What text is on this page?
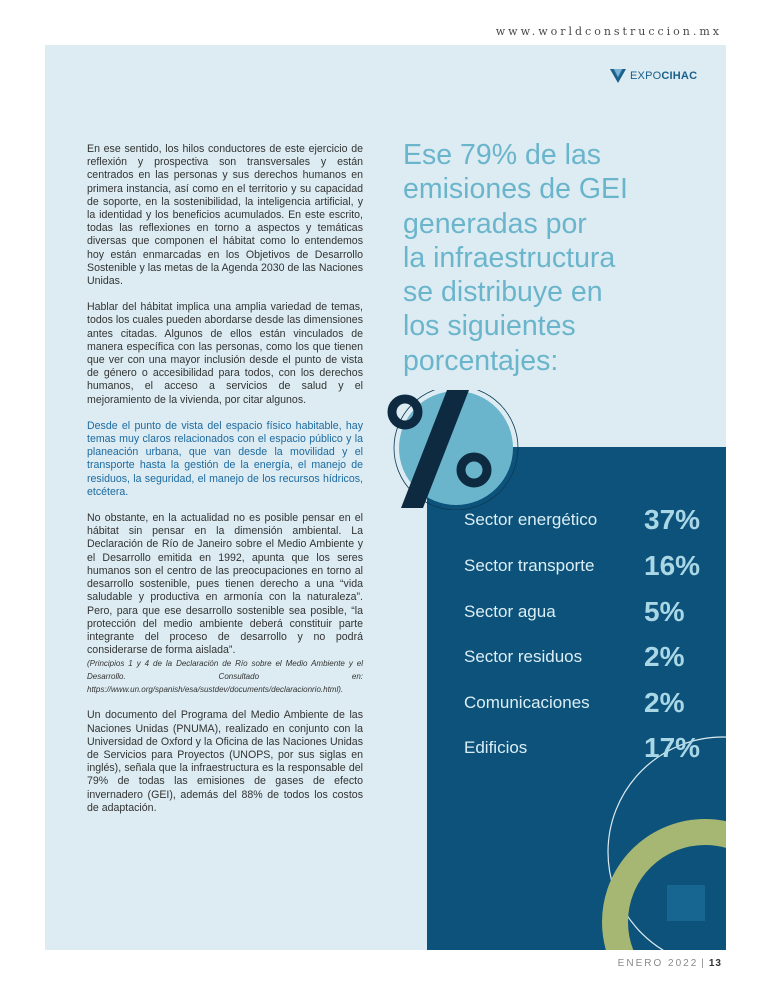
www.worldconstruccion.mx
EXPOCIHAC

En ese sentido, los hilos conductores de este ejercicio de reflexión y prospectiva son transversales y están centrados en las personas y sus derechos humanos en primera instancia, así como en el territorio y su capacidad de soporte, en la sostenibilidad, la inteligencia artificial, y la identidad y los beneficios acumulados. En este escrito, todas las reflexiones en torno a aspectos y temáticas diversas que componen el hábitat como lo entendemos hoy están enmarcadas en los Objetivos de Desarrollo Sostenible y las metas de la Agenda 2030 de las Naciones Unidas.

Hablar del hábitat implica una amplia variedad de temas, todos los cuales pueden abordarse desde las dimensiones antes citadas. Algunos de ellos están vinculados de manera específica con las personas, como los que tienen que ver con una mayor inclusión desde el punto de vista de género o accesibilidad para todos, con los derechos humanos, el acceso a servicios de salud y el mejoramiento de la vivienda, por citar algunos.

Desde el punto de vista del espacio físico habitable, hay temas muy claros relacionados con el espacio público y la planeación urbana, que van desde la movilidad y el transporte hasta la gestión de la energía, el manejo de residuos, la seguridad, el manejo de los recursos hídricos, etcétera.

No obstante, en la actualidad no es posible pensar en el hábitat sin pensar en la dimensión ambiental. La Declaración de Río de Janeiro sobre el Medio Ambiente y el Desarrollo emitida en 1992, apunta que los seres humanos son el centro de las preocupaciones en torno al desarrollo sostenible, pues tienen derecho a una “vida saludable y productiva en armonía con la naturaleza”. Pero, para que ese desarrollo sostenible sea posible, “la protección del medio ambiente deberá constituir parte integrante del proceso de desarrollo y no podrá considerarse de forma aislada”.
(Principios 1 y 4 de la Declaración de Río sobre el Medio Ambiente y el Desarrollo. Consultado en: https://www.un.org/spanish/esa/sustdev/documents/declaracionrio.html).

Un documento del Programa del Medio Ambiente de las Naciones Unidas (PNUMA), realizado en conjunto con la Universidad de Oxford y la Oficina de las Naciones Unidas de Servicios para Proyectos (UNOPS, por sus siglas en inglés), señala que la infraestructura es la responsable del 79% de todas las emisiones de gases de efecto invernadero (GEI), además del 88% de todos los costos de adaptación.

Ese 79% de las
emisiones de GEI
generadas por
la infraestructura
se distribuye en
los siguientes
porcentajes:
Sector energético 37%
Sector transporte 16%
Sector agua	5%
Sector residuos 2%
Comunicaciones 2%
Edificios	17%
ENERO 2022 | 13
